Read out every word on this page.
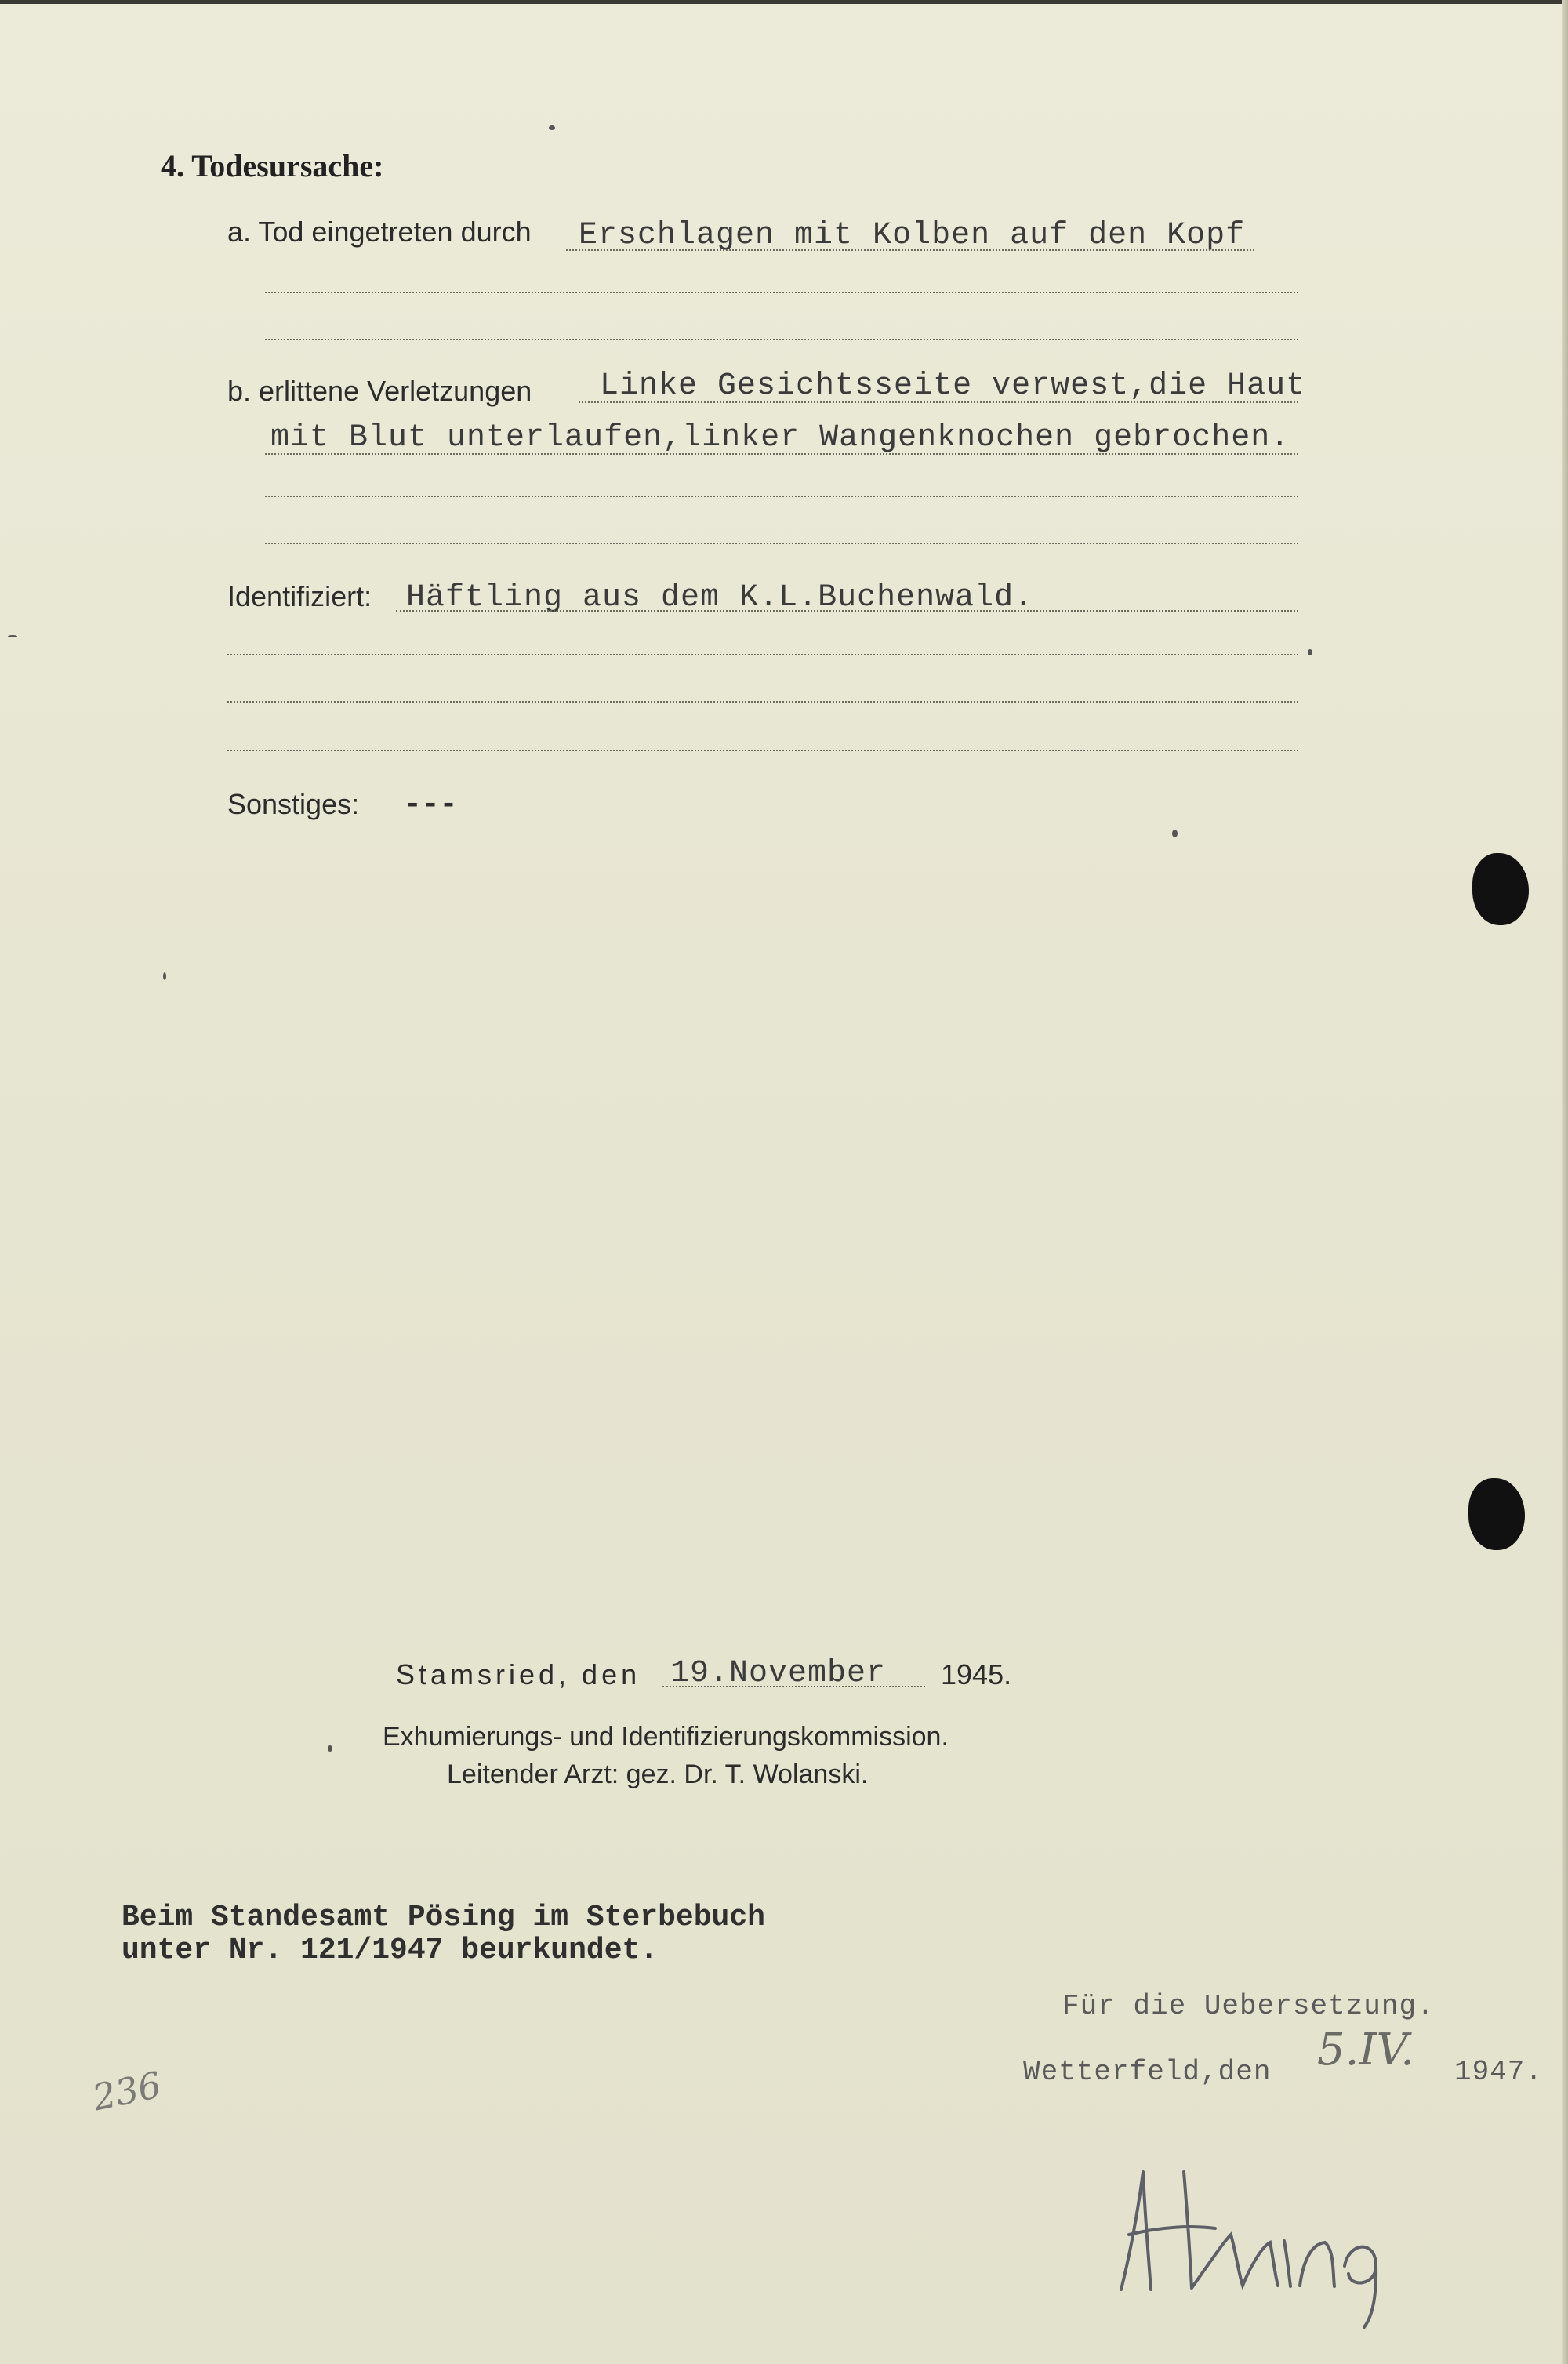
4. Todesursache:
a. Tod eingetreten durch Erschlagen mit Kolben auf den Kopf
b. erlittene Verletzungen Linke Gesichtsseite verwest,die Haut
mit Blut unterlaufen,linker Wangenknochen gebrochen.
Identifiziert: Häftling aus dem K.L.Buchenwald.
Sonstiges: ---
Stamsried, den 19.November 1945.
Exhumierungs- und Identifizierungskommission.
Leitender Arzt: gez. Dr. T. Wolanski.
Beim Standesamt Pösing im Sterbebuch
unter Nr. 121/1947 beurkundet.
Für die Uebersetzung.
Wetterfeld,den 5.IV. 1947.
236
